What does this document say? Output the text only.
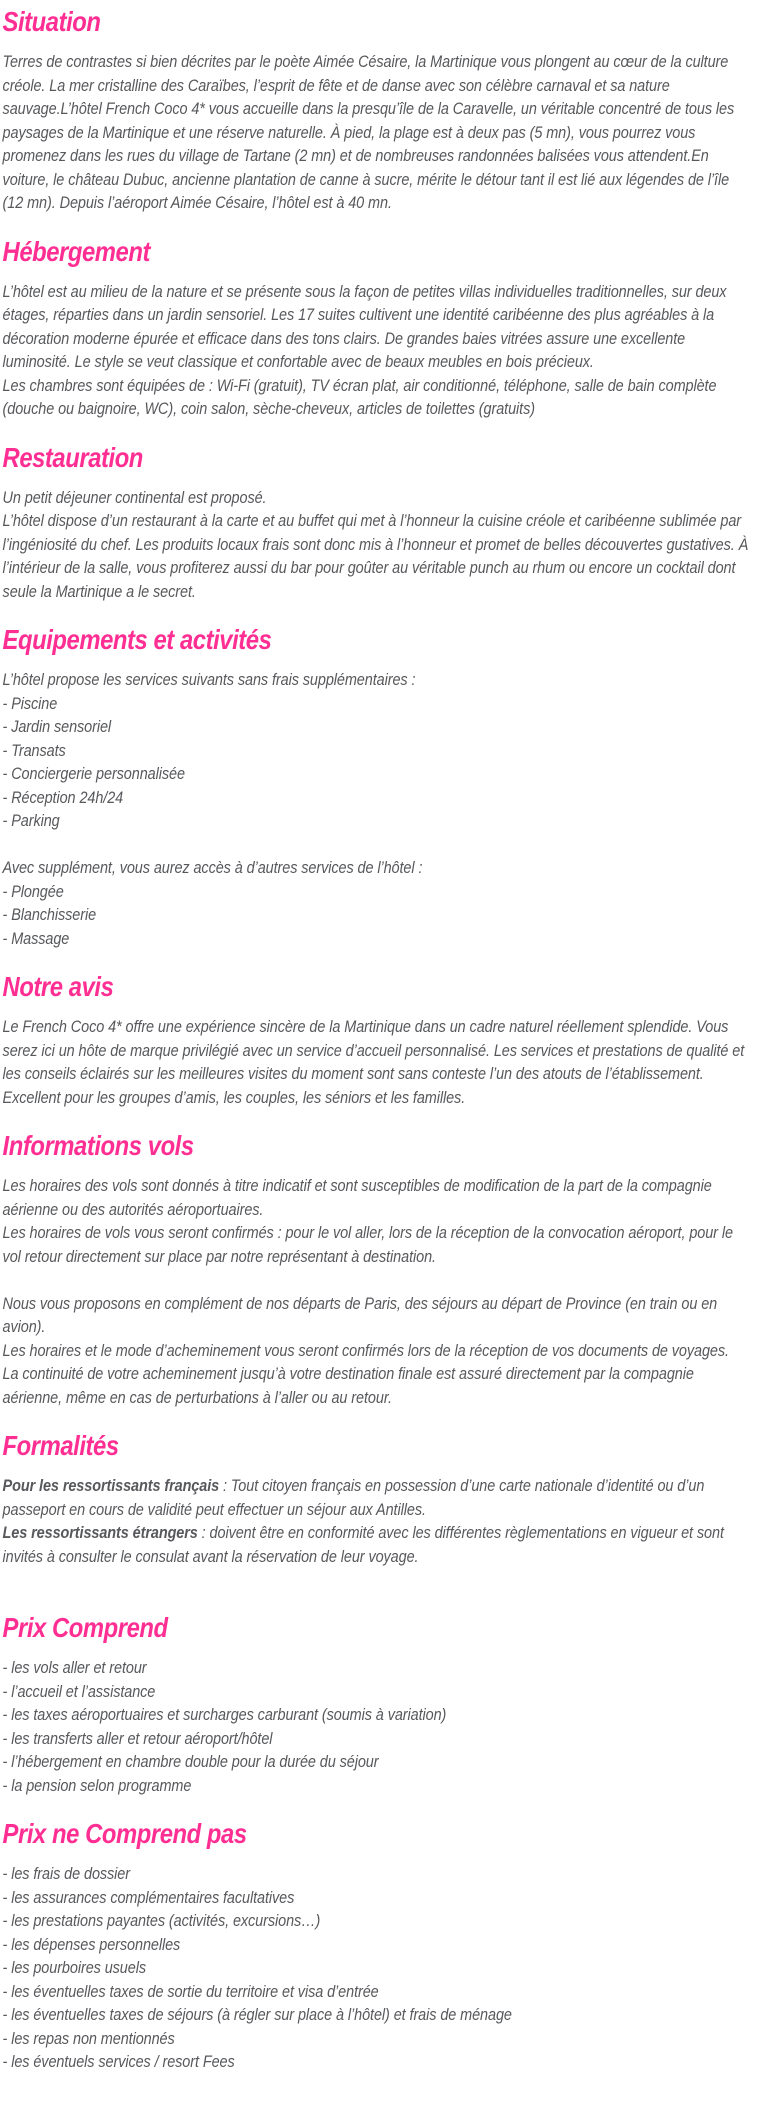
Situation

Terres de contrastes si bien décrites par le poète Aimée Césaire, la Martinique vous plongent au cœur de la culture créole. La mer cristalline des Caraïbes, l’esprit de fête et de danse avec son célèbre carnaval et sa nature sauvage.L’hôtel French Coco 4* vous accueille dans la presqu’île de la Caravelle, un véritable concentré de tous les paysages de la Martinique et une réserve naturelle. À pied, la plage est à deux pas (5 mn), vous pourrez vous promenez dans les rues du village de Tartane (2 mn) et de nombreuses randonnées balisées vous attendent.En voiture, le château Dubuc, ancienne plantation de canne à sucre, mérite le détour tant il est lié aux légendes de l’île (12 mn). Depuis l’aéroport Aimée Césaire, l’hôtel est à 40 mn.

Hébergement

L’hôtel est au milieu de la nature et se présente sous la façon de petites villas individuelles traditionnelles, sur deux étages, réparties dans un jardin sensoriel. Les 17 suites cultivent une identité caribéenne des plus agréables à la décoration moderne épurée et efficace dans des tons clairs. De grandes baies vitrées assure une excellente luminosité. Le style se veut classique et confortable avec de beaux meubles en bois précieux.

Les chambres sont équipées de : Wi-Fi (gratuit), TV écran plat, air conditionné, téléphone, salle de bain complète (douche ou baignoire, WC), coin salon, sèche-cheveux, articles de toilettes (gratuits)

Restauration

Un petit déjeuner continental est proposé.

L’hôtel dispose d’un restaurant à la carte et au buffet qui met à l’honneur la cuisine créole et caribéenne sublimée par l’ingéniosité du chef. Les produits locaux frais sont donc mis à l’honneur et promet de belles découvertes gustatives. À l’intérieur de la salle, vous profiterez aussi du bar pour goûter au véritable punch au rhum ou encore un cocktail dont seule la Martinique a le secret.

Equipements et activités

L’hôtel propose les services suivants sans frais supplémentaires :

- Piscine

- Jardin sensoriel

- Transats

- Conciergerie personnalisée

- Réception 24h/24

- Parking

Avec supplément, vous aurez accès à d’autres services de l’hôtel :

- Plongée

- Blanchisserie

- Massage

Notre avis

Le French Coco 4* offre une expérience sincère de la Martinique dans un cadre naturel réellement splendide. Vous serez ici un hôte de marque privilégié avec un service d’accueil personnalisé. Les services et prestations de qualité et les conseils éclairés sur les meilleures visites du moment sont sans conteste l’un des atouts de l’établissement. Excellent pour les groupes d’amis, les couples, les séniors et les familles.

Informations vols

Les horaires des vols sont donnés à titre indicatif et sont susceptibles de modification de la part de la compagnie aérienne ou des autorités aéroportuaires.

Les horaires de vols vous seront confirmés : pour le vol aller, lors de la réception de la convocation aéroport, pour le vol retour directement sur place par notre représentant à destination.

Nous vous proposons en complément de nos départs de Paris, des séjours au départ de Province (en train ou en avion).

Les horaires et le mode d’acheminement vous seront confirmés lors de la réception de vos documents de voyages.

La continuité de votre acheminement jusqu’à votre destination finale est assuré directement par la compagnie aérienne, même en cas de perturbations à l’aller ou au retour.

Formalités

Pour les ressortissants français : Tout citoyen français en possession d’une carte nationale d’identité ou d’un passeport en cours de validité peut effectuer un séjour aux Antilles.

Les ressortissants étrangers : doivent être en conformité avec les différentes règlementations en vigueur et sont invités à consulter le consulat avant la réservation de leur voyage.

Prix Comprend

- les vols aller et retour

- l’accueil et l’assistance

- les taxes aéroportuaires et surcharges carburant (soumis à variation)

- les transferts aller et retour aéroport/hôtel

- l’hébergement en chambre double pour la durée du séjour

- la pension selon programme

Prix ne Comprend pas

- les frais de dossier

- les assurances complémentaires facultatives

- les prestations payantes (activités, excursions…)

- les dépenses personnelles

- les pourboires usuels

- les éventuelles taxes de sortie du territoire et visa d’entrée

- les éventuelles taxes de séjours (à régler sur place à l’hôtel) et frais de ménage

- les repas non mentionnés

- les éventuels services / resort Fees
